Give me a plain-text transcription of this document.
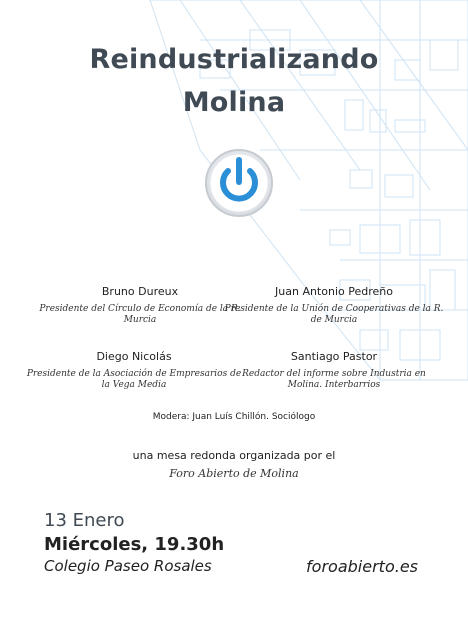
Reindustrializando
Molina
Bruno Dureux
Presidente del Círculo de Economía de la R. Murcia
Juan Antonio Pedreño
Presidente de la Unión de Cooperativas de la R. de Murcia
Diego Nicolás
Presidente de la Asociación de Empresarios de la Vega Media
Santiago Pastor
Redactor del informe sobre Industria en Molina. Interbarrios
Modera: Juan Luís Chillón. Sociólogo
una mesa redonda organizada por el
Foro Abierto de Molina
13 Enero
Miércoles, 19.30h
Colegio Paseo Rosales	foroabierto.es
